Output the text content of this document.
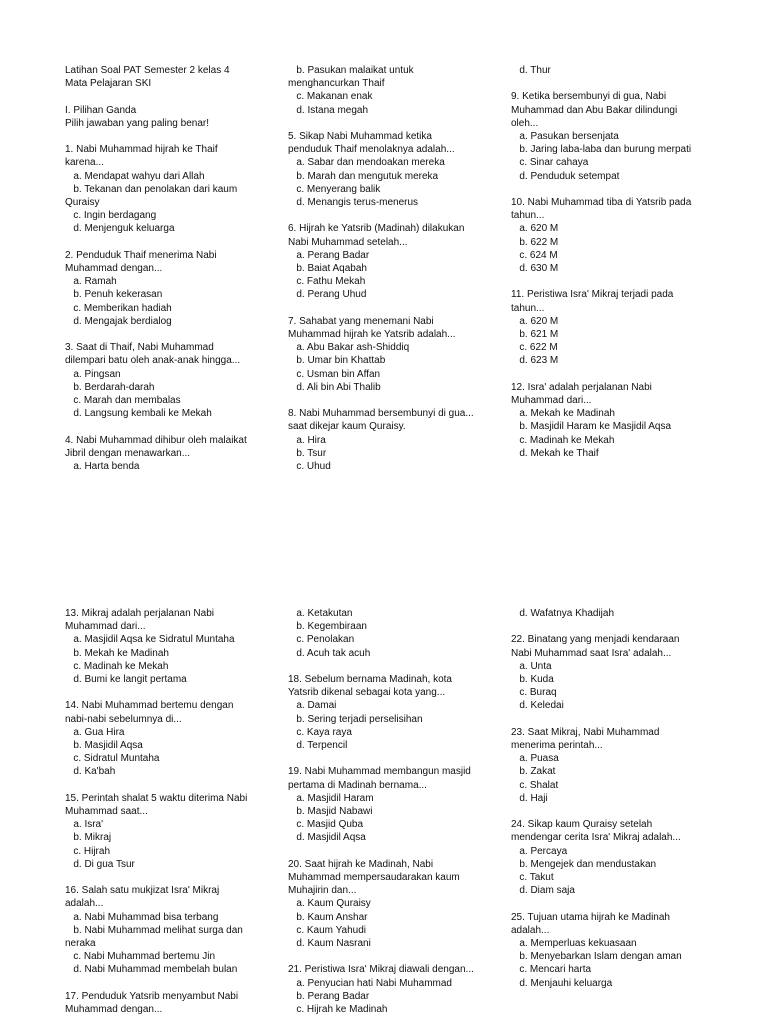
Latihan Soal PAT Semester 2 kelas 4
Mata Pelajaran SKI
I. Pilihan Ganda
Pilih jawaban yang paling benar!
1. Nabi Muhammad hijrah ke Thaif
karena...
a. Mendapat wahyu dari Allah
b. Tekanan dan penolakan dari kaum
Quraisy
c. Ingin berdagang
d. Menjenguk keluarga
2. Penduduk Thaif menerima Nabi
Muhammad dengan...
a. Ramah
b. Penuh kekerasan
c. Memberikan hadiah
d. Mengajak berdialog
3. Saat di Thaif, Nabi Muhammad
dilempari batu oleh anak-anak hingga...
a. Pingsan
b. Berdarah-darah
c. Marah dan membalas
d. Langsung kembali ke Mekah
4. Nabi Muhammad dihibur oleh malaikat
Jibril dengan menawarkan...
a. Harta benda
b. Pasukan malaikat untuk
menghancurkan Thaif
c. Makanan enak
d. Istana megah
5. Sikap Nabi Muhammad ketika
penduduk Thaif menolaknya adalah...
a. Sabar dan mendoakan mereka
b. Marah dan mengutuk mereka
c. Menyerang balik
d. Menangis terus-menerus
6. Hijrah ke Yatsrib (Madinah) dilakukan
Nabi Muhammad setelah...
a. Perang Badar
b. Baiat Aqabah
c. Fathu Mekah
d. Perang Uhud
7. Sahabat yang menemani Nabi
Muhammad hijrah ke Yatsrib adalah...
a. Abu Bakar ash-Shiddiq
b. Umar bin Khattab
c. Usman bin Affan
d. Ali bin Abi Thalib
8. Nabi Muhammad bersembunyi di gua...
saat dikejar kaum Quraisy.
a. Hira
b. Tsur
c. Uhud
d. Thur
9. Ketika bersembunyi di gua, Nabi
Muhammad dan Abu Bakar dilindungi
oleh...
a. Pasukan bersenjata
b. Jaring laba-laba dan burung merpati
c. Sinar cahaya
d. Penduduk setempat
10. Nabi Muhammad tiba di Yatsrib pada
tahun...
a. 620 M
b. 622 M
c. 624 M
d. 630 M
11. Peristiwa Isra' Mikraj terjadi pada
tahun...
a. 620 M
b. 621 M
c. 622 M
d. 623 M
12. Isra' adalah perjalanan Nabi
Muhammad dari...
a. Mekah ke Madinah
b. Masjidil Haram ke Masjidil Aqsa
c. Madinah ke Mekah
d. Mekah ke Thaif
13. Mikraj adalah perjalanan Nabi
Muhammad dari...
a. Masjidil Aqsa ke Sidratul Muntaha
b. Mekah ke Madinah
c. Madinah ke Mekah
d. Bumi ke langit pertama
14. Nabi Muhammad bertemu dengan
nabi-nabi sebelumnya di...
a. Gua Hira
b. Masjidil Aqsa
c. Sidratul Muntaha
d. Ka'bah
15. Perintah shalat 5 waktu diterima Nabi
Muhammad saat...
a. Isra'
b. Mikraj
c. Hijrah
d. Di gua Tsur
16. Salah satu mukjizat Isra' Mikraj
adalah...
a. Nabi Muhammad bisa terbang
b. Nabi Muhammad melihat surga dan
neraka
c. Nabi Muhammad bertemu Jin
d. Nabi Muhammad membelah bulan
17. Penduduk Yatsrib menyambut Nabi
Muhammad dengan...
a. Ketakutan
b. Kegembiraan
c. Penolakan
d. Acuh tak acuh
18. Sebelum bernama Madinah, kota
Yatsrib dikenal sebagai kota yang...
a. Damai
b. Sering terjadi perselisihan
c. Kaya raya
d. Terpencil
19. Nabi Muhammad membangun masjid
pertama di Madinah bernama...
a. Masjidil Haram
b. Masjid Nabawi
c. Masjid Quba
d. Masjidil Aqsa
20. Saat hijrah ke Madinah, Nabi
Muhammad mempersaudarakan kaum
Muhajirin dan...
a. Kaum Quraisy
b. Kaum Anshar
c. Kaum Yahudi
d. Kaum Nasrani
21. Peristiwa Isra' Mikraj diawali dengan...
a. Penyucian hati Nabi Muhammad
b. Perang Badar
c. Hijrah ke Madinah
d. Wafatnya Khadijah
22. Binatang yang menjadi kendaraan
Nabi Muhammad saat Isra' adalah...
a. Unta
b. Kuda
c. Buraq
d. Keledai
23. Saat Mikraj, Nabi Muhammad
menerima perintah...
a. Puasa
b. Zakat
c. Shalat
d. Haji
24. Sikap kaum Quraisy setelah
mendengar cerita Isra' Mikraj adalah...
a. Percaya
b. Mengejek dan mendustakan
c. Takut
d. Diam saja
25. Tujuan utama hijrah ke Madinah
adalah...
a. Memperluas kekuasaan
b. Menyebarkan Islam dengan aman
c. Mencari harta
d. Menjauhi keluarga
